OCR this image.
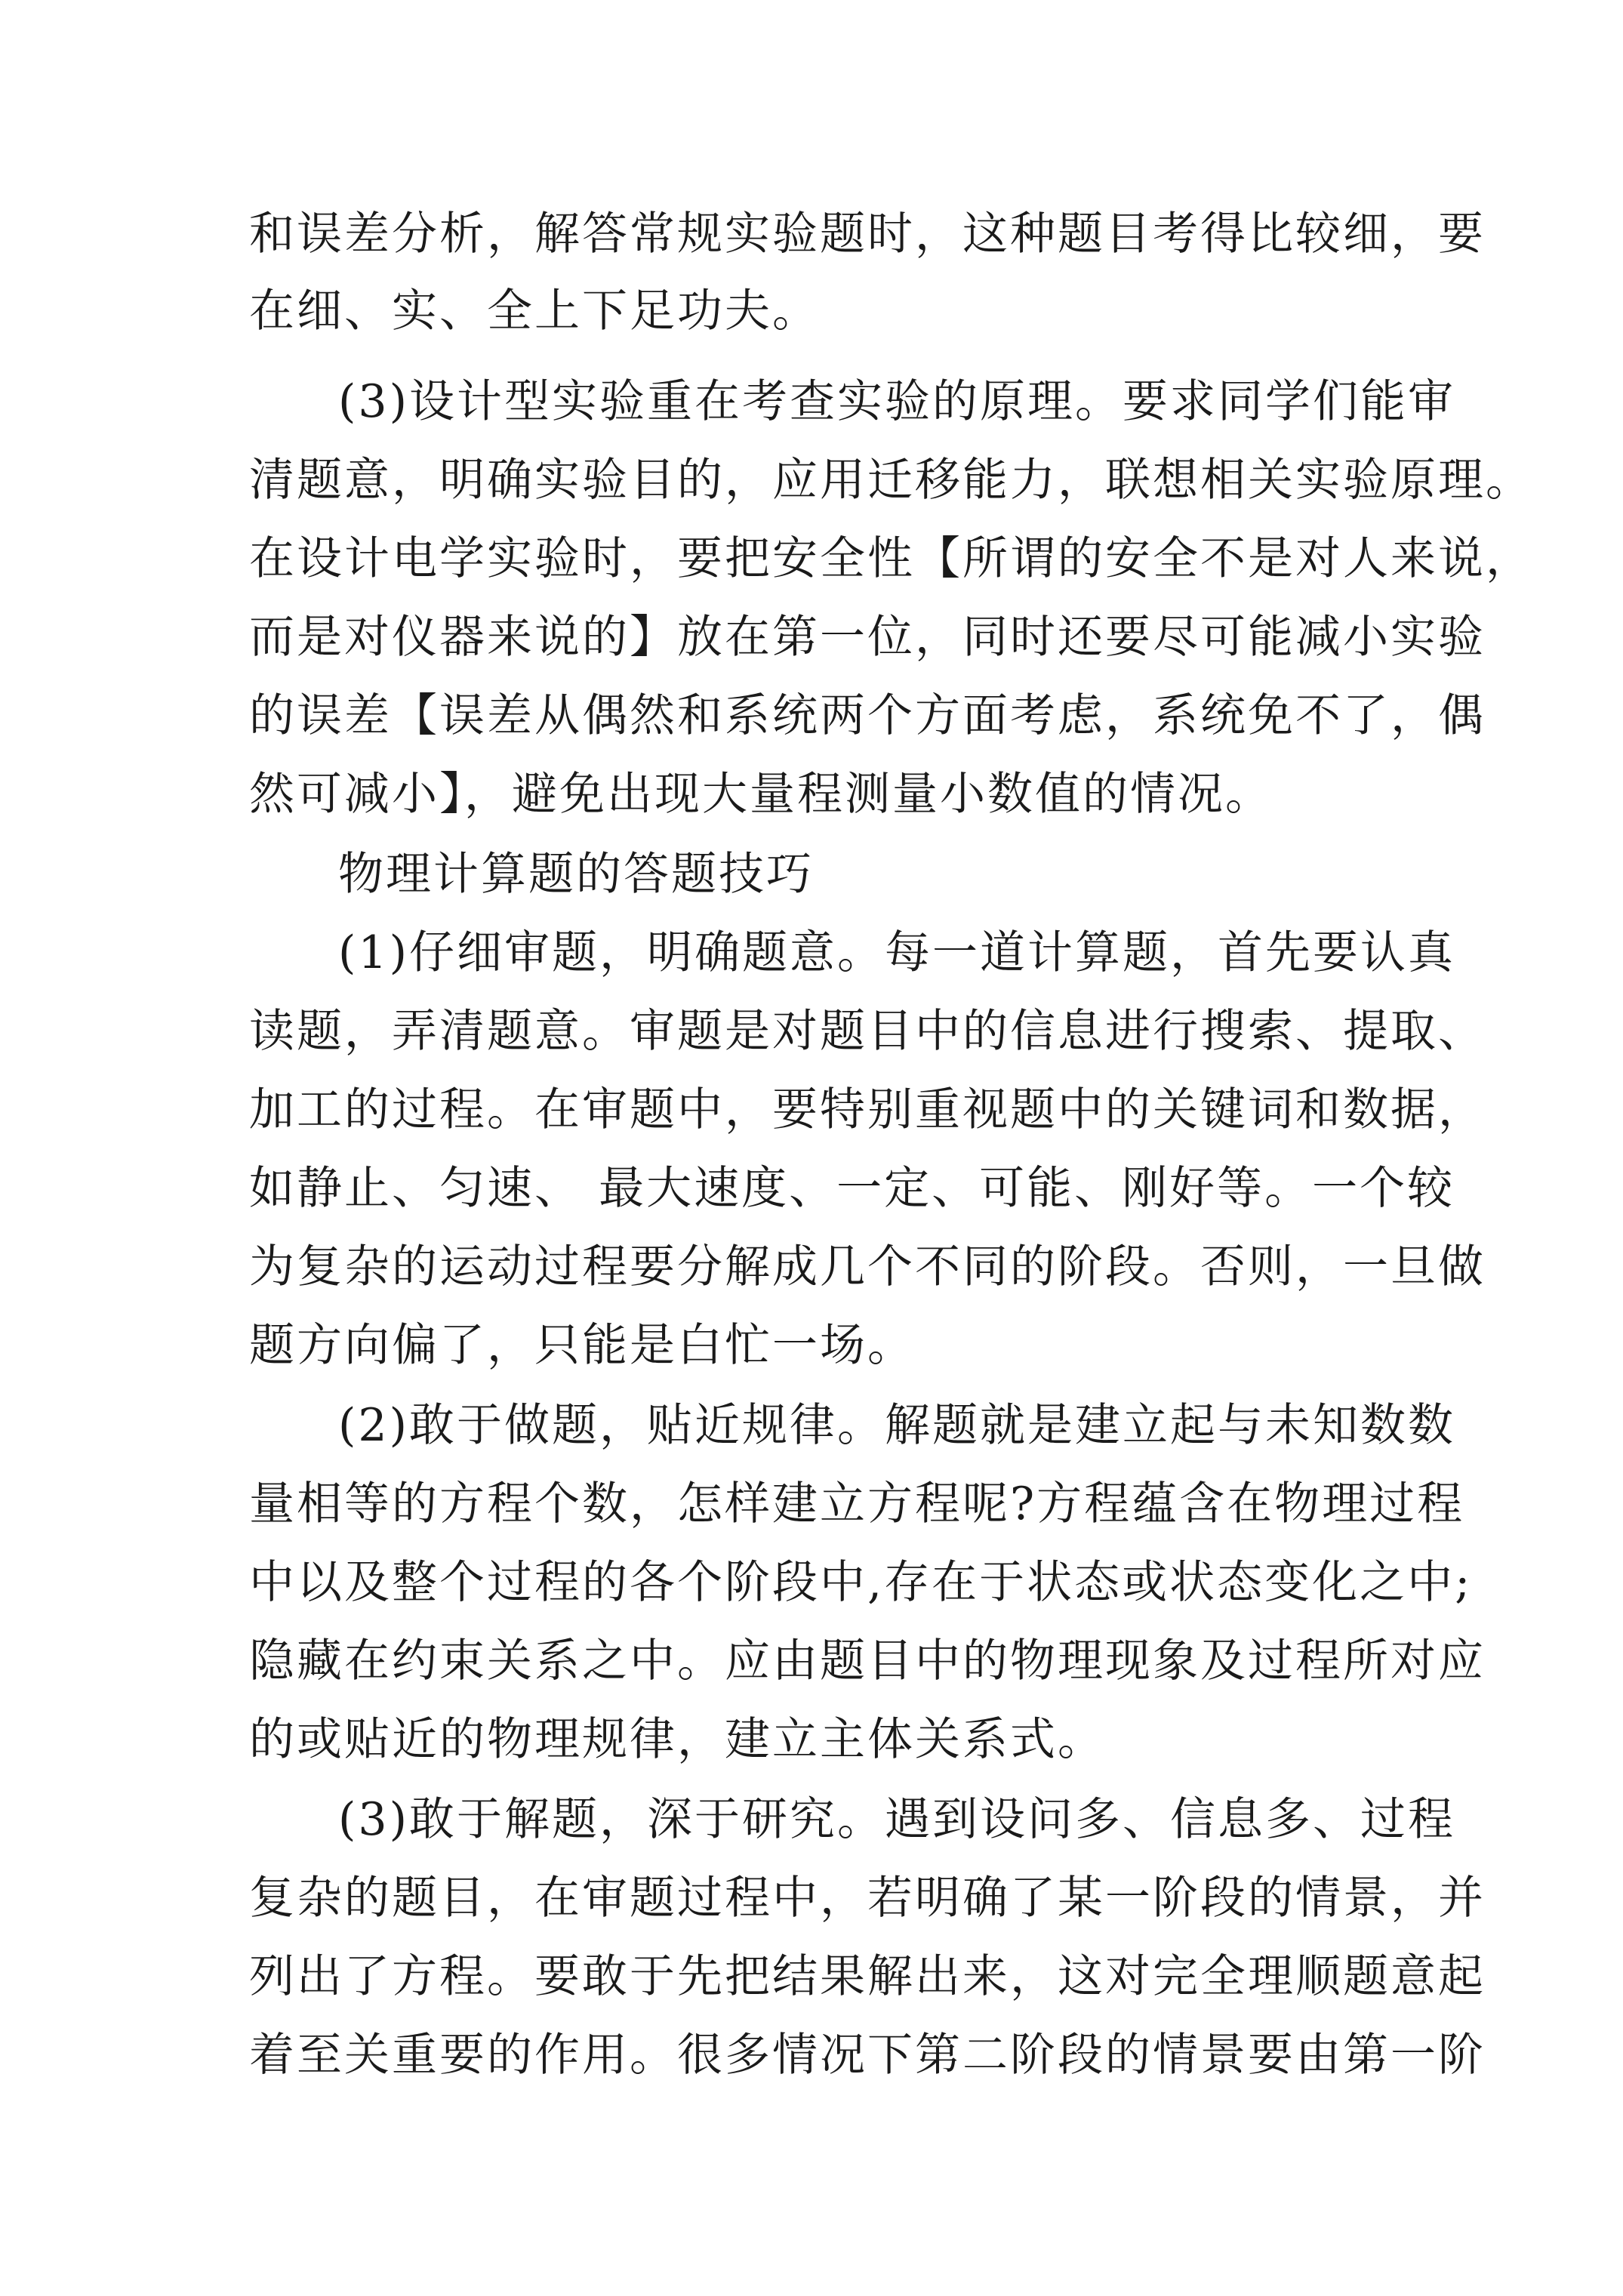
和误差分析，解答常规实验题时，这种题目考得比较细，要
在细、实、全上下足功夫。
(3)设计型实验重在考查实验的原理。要求同学们能审
清题意，明确实验目的，应用迁移能力，联想相关实验原理。
在设计电学实验时，要把安全性【所谓的安全不是对人来说，
而是对仪器来说的】放在第一位，同时还要尽可能减小实验
的误差【误差从偶然和系统两个方面考虑，系统免不了，偶
然可减小】，避免出现大量程测量小数值的情况。
物理计算题的答题技巧
(1)仔细审题，明确题意。每一道计算题，首先要认真
读题，弄清题意。审题是对题目中的信息进行搜索、提取、
加工的过程。在审题中，要特别重视题中的关键词和数据，
如静止、匀速、 最大速度、一定、可能、刚好等。一个较
为复杂的运动过程要分解成几个不同的阶段。否则，一旦做
题方向偏了，只能是白忙一场。
(2)敢于做题，贴近规律。解题就是建立起与未知数数
量相等的方程个数，怎样建立方程呢?方程蕴含在物理过程
中以及整个过程的各个阶段中,存在于状态或状态变化之中;
隐藏在约束关系之中。应由题目中的物理现象及过程所对应
的或贴近的物理规律，建立主体关系式。
(3)敢于解题，深于研究。遇到设问多、信息多、过程
复杂的题目，在审题过程中，若明确了某一阶段的情景，并
列出了方程。要敢于先把结果解出来，这对完全理顺题意起
着至关重要的作用。很多情况下第二阶段的情景要由第一阶
